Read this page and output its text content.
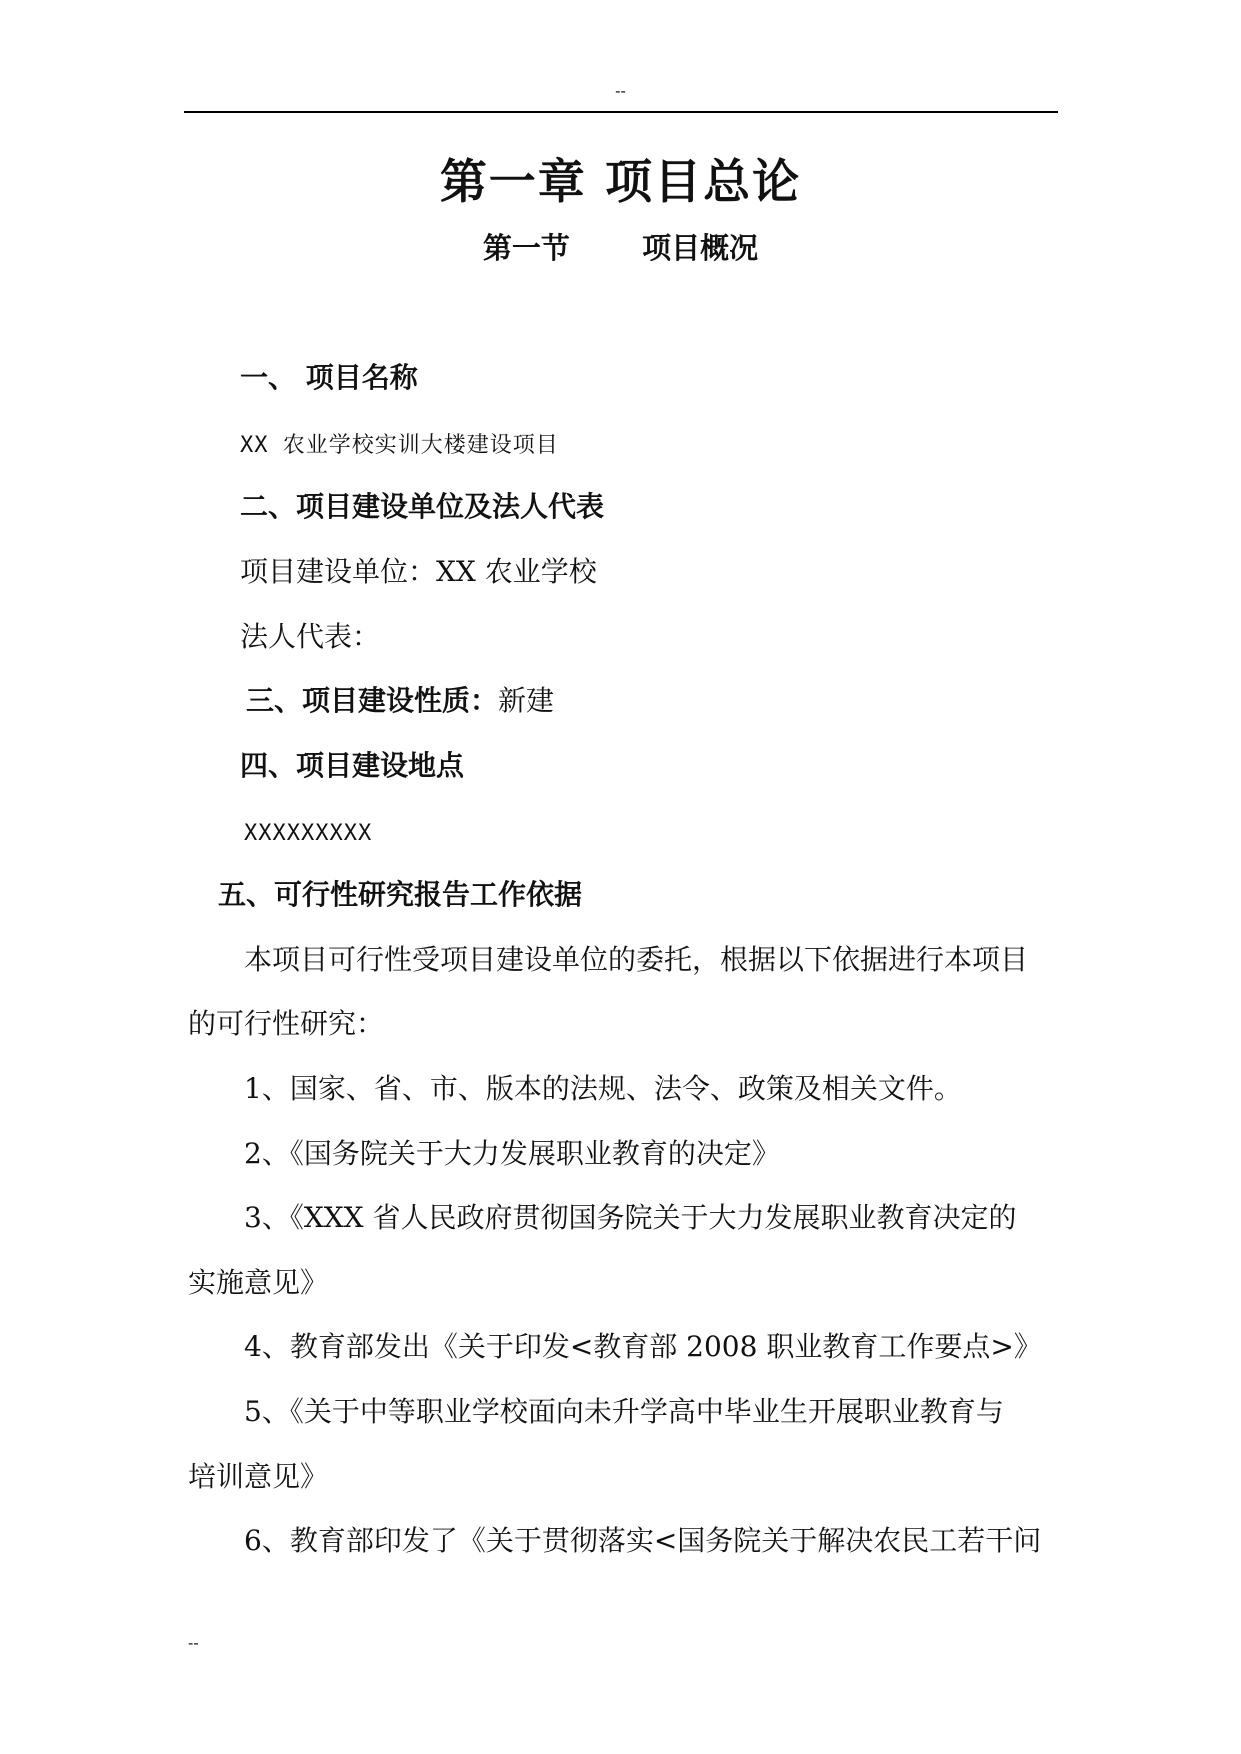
--
第一章 项目总论
第一节   项目概况
一、 项目名称
XX 农业学校实训大楼建设项目
二、项目建设单位及法人代表
项目建设单位：XX 农业学校
法人代表：
三、项目建设性质：新建
四、项目建设地点
XXXXXXXXX
五、可行性研究报告工作依据
本项目可行性受项目建设单位的委托，根据以下依据进行本项目
的可行性研究：
1、国家、省、市、版本的法规、法令、政策及相关文件。
2、《国务院关于大力发展职业教育的决定》
3、《XXX 省人民政府贯彻国务院关于大力发展职业教育决定的
实施意见》
4、教育部发出《关于印发<教育部 2008 职业教育工作要点>》
5、《关于中等职业学校面向未升学高中毕业生开展职业教育与
培训意见》
6、教育部印发了《关于贯彻落实<国务院关于解决农民工若干问
--
